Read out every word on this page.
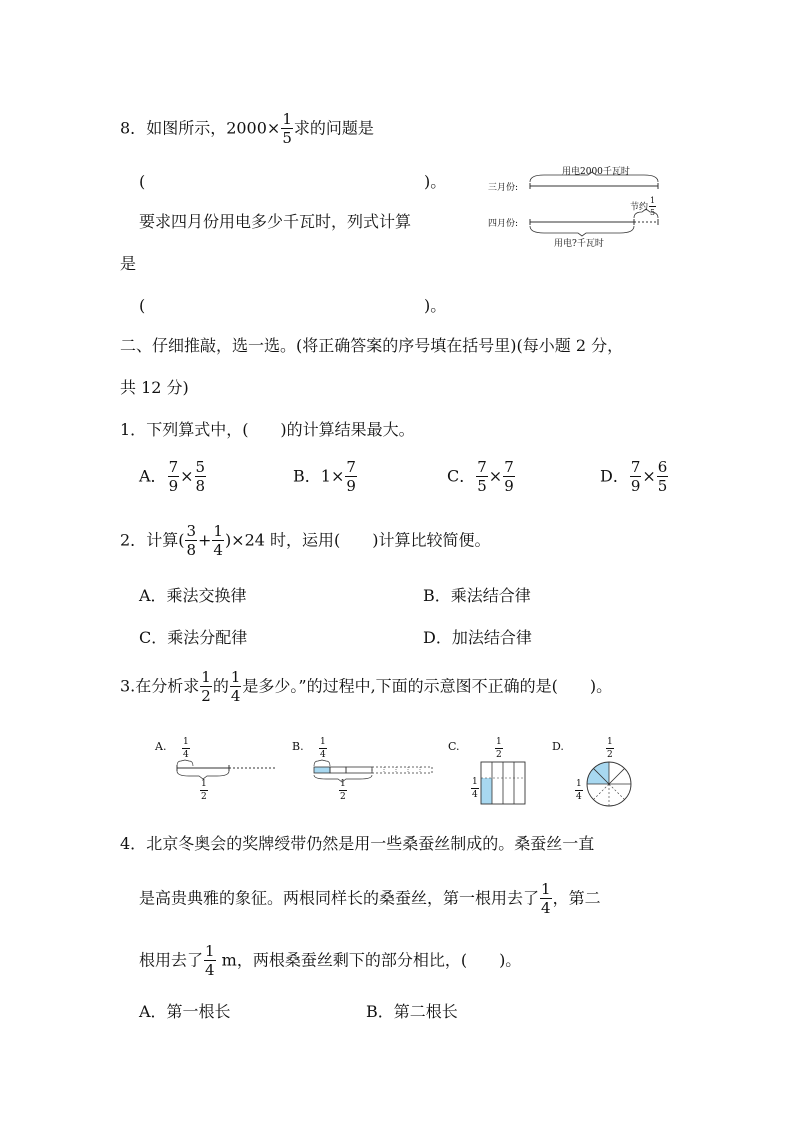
8．如图所示，$2000\times \frac{1}{5}$ 求的问题是
(	)。
要求四月份用电多少千瓦时，列式计算
是
(	)。
三月份:
四月份:
用电2000千瓦时
节约 $\frac{1}{5}$
用电?千瓦时
二、仔细推敲，选一选。(将正确答案的序号填在括号里)(每小题 2 分，
共 12 分)
1．下列算式中，(　　)的计算结果最大。
A． $\frac{7}{9} \times \frac{5}{8}$	B．$1\times \frac{7}{9}$	C． $\frac{7}{5} \times \frac{7}{9}$	D． $\frac{7}{9} \times \frac{6}{5}$
2．计算( $\frac{3}{8} + \frac{1}{4} )\times 24$ 时，运用(　　)计算比较简便。
A．乘法交换律	B．乘法结合律
C．乘法分配律	D．加法结合律
3.在分析求 $\frac{1}{2}$ 的 $\frac{1}{4}$ 是多少。”的过程中,下面的示意图不正确的是(　　)。
A. $\frac{1}{4}$
$\frac{1}{2}$
B. $\frac{1}{4}$
$\frac{1}{2}$
C.	$\frac{1}{2}$
$\frac{1}{4}$
D.	$\frac{1}{2}$
$\frac{1}{4}$
4．北京冬奥会的奖牌绶带仍然是用一些桑蚕丝制成的。桑蚕丝一直
是高贵典雅的象征。两根同样长的桑蚕丝，第一根用去了 $\frac{1}{4}$ ，第二
根用去了 $\frac{1}{4}$ m，两根桑蚕丝剩下的部分相比，(　　)。
A．第一根长	B．第二根长
